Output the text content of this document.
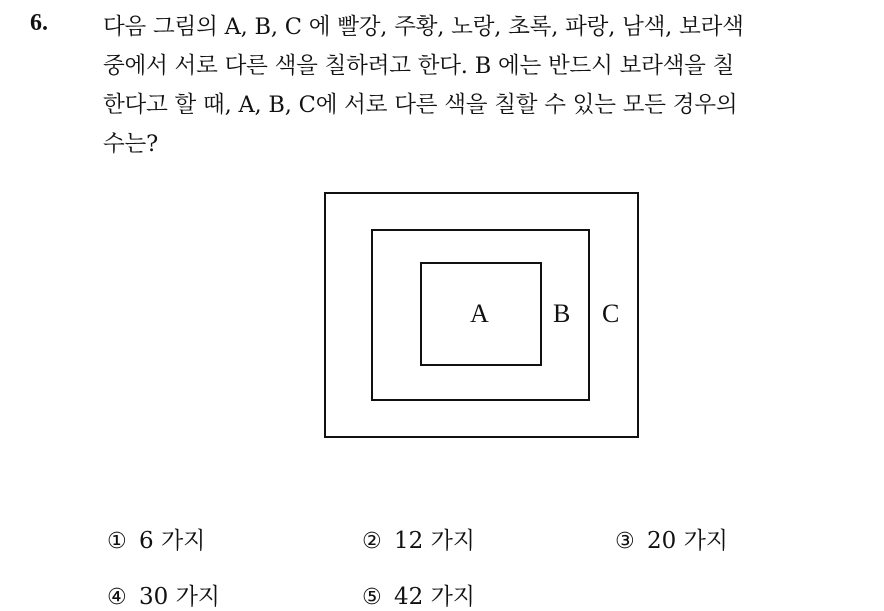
6. 다음 그림의 A, B, C 에 빨강, 주황, 노랑, 초록, 파랑, 남색, 보라색
중에서 서로 다른 색을 칠하려고 한다. B 에는 반드시 보라색을 칠
한다고 할 때, A, B, C에 서로 다른 색을 칠할 수 있는 모든 경우의
수는?
A B C
① 6 가지	② 12 가지	③ 20 가지
④ 30 가지	⑤ 42 가지
